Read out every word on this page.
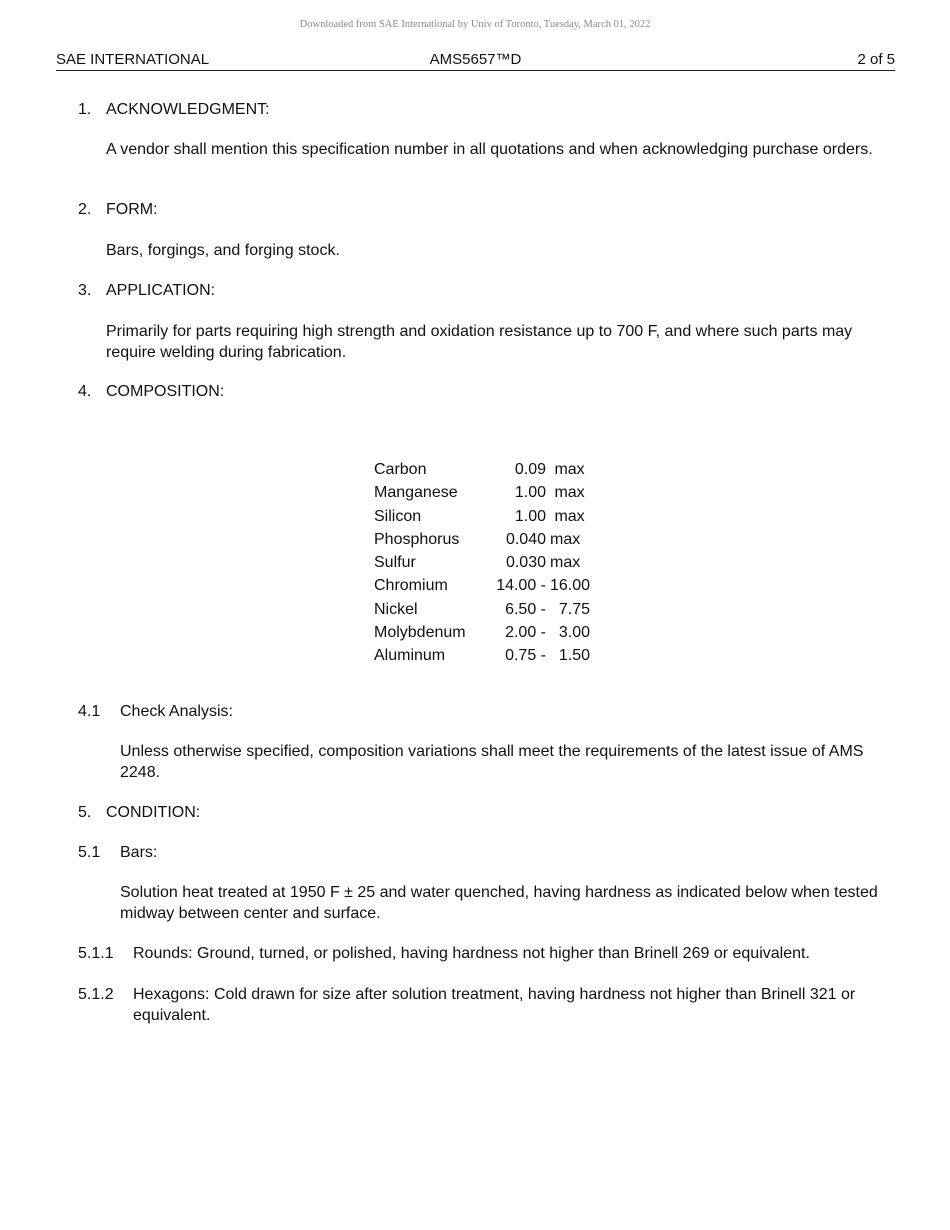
Downloaded from SAE International by Univ of Toronto, Tuesday, March 01, 2022
SAE INTERNATIONAL	AMS5657™D	2 of 5
1. ACKNOWLEDGMENT:
A vendor shall mention this specification number in all quotations and when acknowledging purchase orders.
2. FORM:
Bars, forgings, and forging stock.
3. APPLICATION:
Primarily for parts requiring high strength and oxidation resistance up to 700 F, and where such parts may require welding during fabrication.
4. COMPOSITION:
Carbon	0.09	max
Manganese	1.00	max
Silicon	1.00	max
Phosphorus	0.040	max
Sulfur	0.030	max
Chromium	14.00 -	16.00
Nickel	6.50 -	7.75
Molybdenum	2.00 -	3.00
Aluminum	0.75 -	1.50
4.1 Check Analysis:
Unless otherwise specified, composition variations shall meet the requirements of the latest issue of AMS 2248.
5. CONDITION:
5.1 Bars:
Solution heat treated at 1950 F ± 25 and water quenched, having hardness as indicated below when tested midway between center and surface.
5.1.1 Rounds: Ground, turned, or polished, having hardness not higher than Brinell 269 or equivalent.
5.1.2 Hexagons: Cold drawn for size after solution treatment, having hardness not higher than Brinell 321 or equivalent.
